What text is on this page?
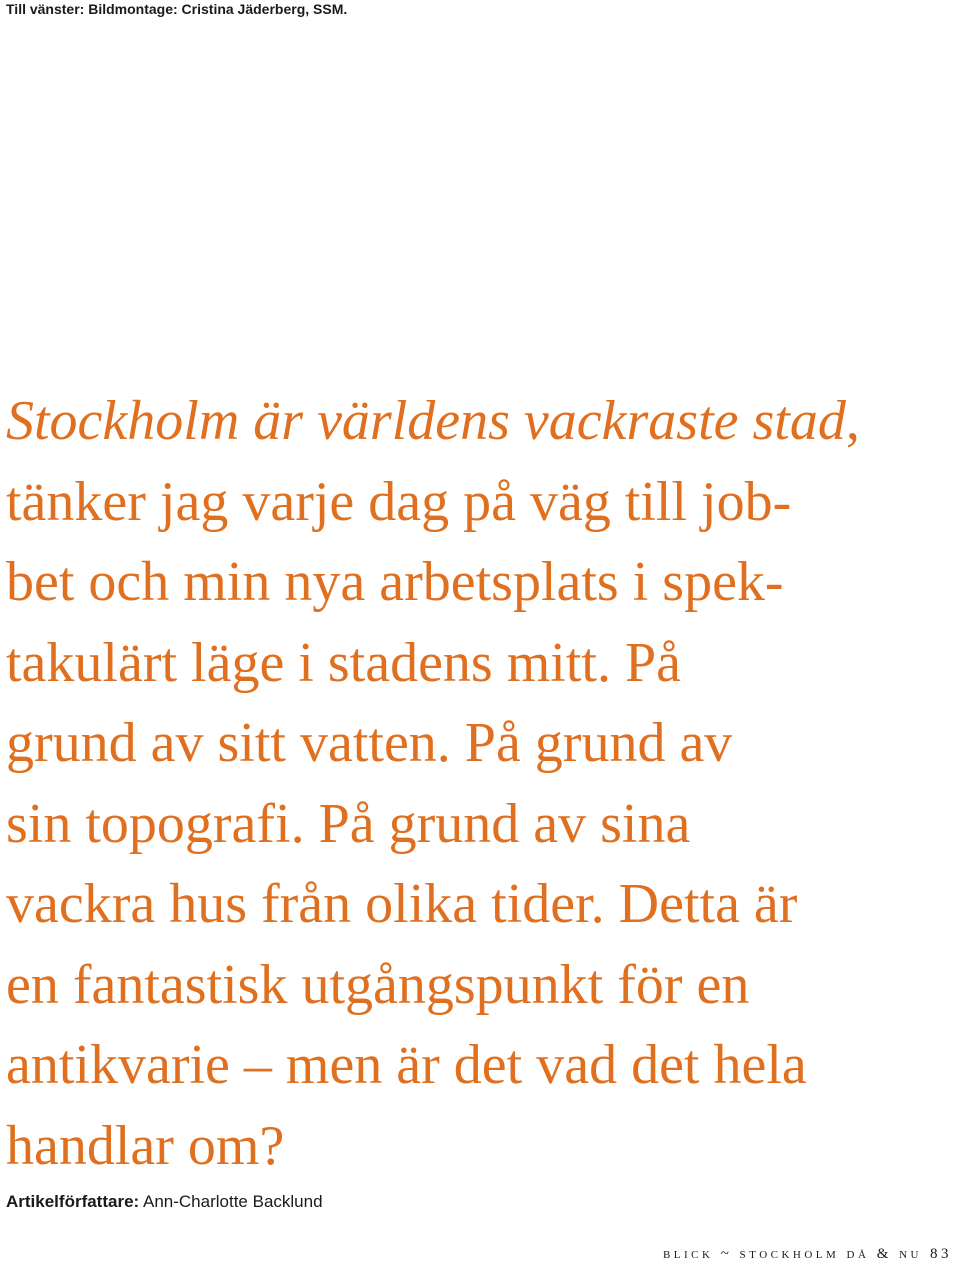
Till vänster: Bildmontage: Cristina Jäderberg, SSM.

Stockholm är världens vackraste stad,
tänker jag varje dag på väg till job-
bet och min nya arbetsplats i spek-
takulärt läge i stadens mitt. På
grund av sitt vatten. På grund av
sin topografi. På grund av sina
vackra hus från olika tider. Detta är
en fantastisk utgångspunkt för en
antikvarie – men är det vad det hela
handlar om?

Artikelförfattare: Ann-Charlotte Backlund
blick ~ stockholm då & nu 83
